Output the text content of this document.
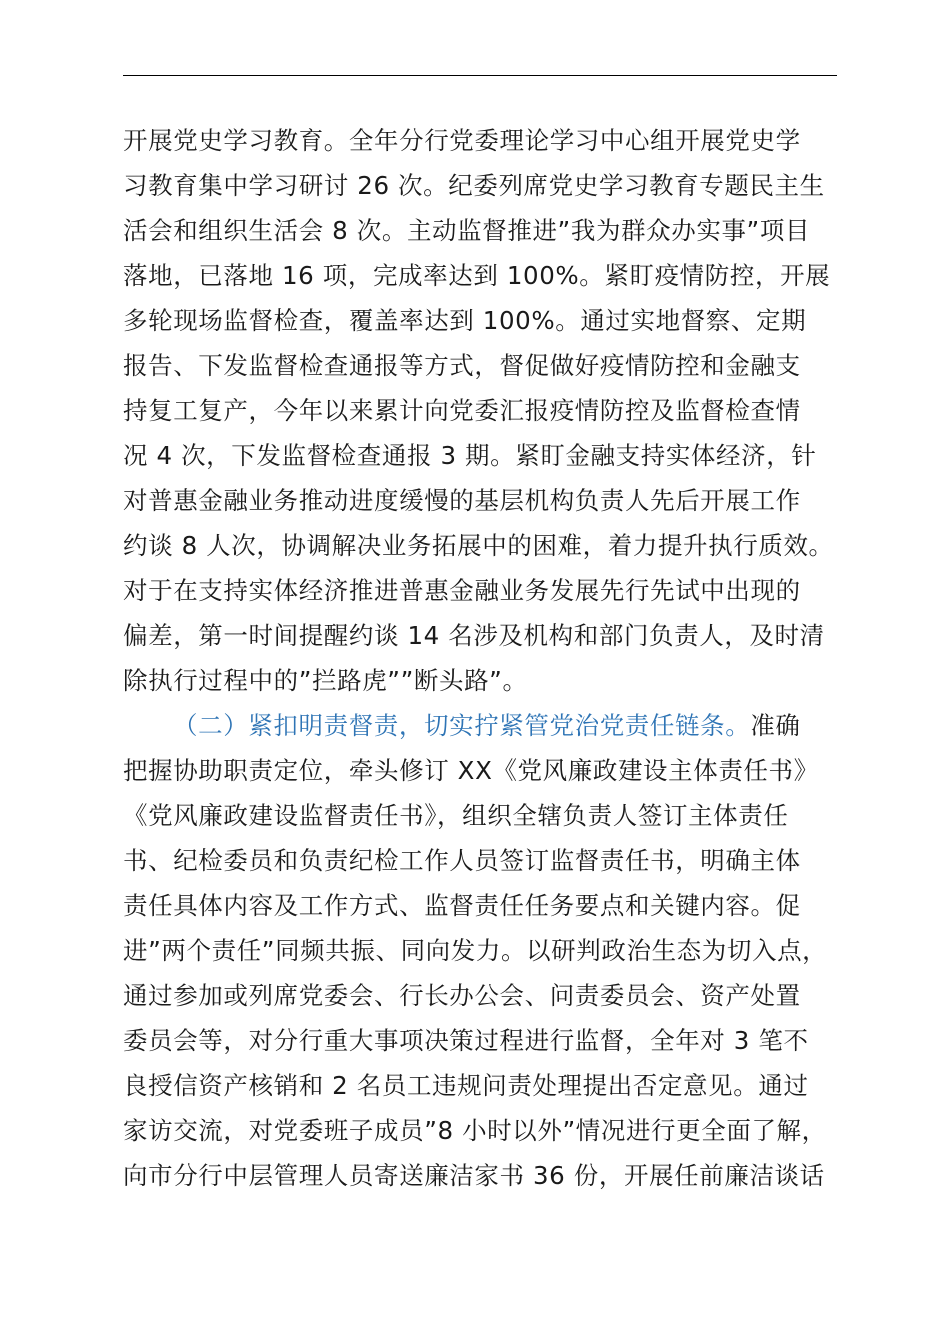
开展党史学习教育。全年分行党委理论学习中心组开展党史学
习教育集中学习研讨 26 次。纪委列席党史学习教育专题民主生
活会和组织生活会 8 次。主动监督推进”我为群众办实事”项目
落地，已落地 16 项，完成率达到 100%。紧盯疫情防控，开展
多轮现场监督检查，覆盖率达到 100%。通过实地督察、定期
报告、下发监督检查通报等方式，督促做好疫情防控和金融支
持复工复产，今年以来累计向党委汇报疫情防控及监督检查情
况 4 次，下发监督检查通报 3 期。紧盯金融支持实体经济，针
对普惠金融业务推动进度缓慢的基层机构负责人先后开展工作
约谈 8 人次，协调解决业务拓展中的困难，着力提升执行质效。
对于在支持实体经济推进普惠金融业务发展先行先试中出现的
偏差，第一时间提醒约谈 14 名涉及机构和部门负责人，及时清
除执行过程中的”拦路虎””断头路”。
（二）紧扣明责督责，切实拧紧管党治党责任链条。准确
把握协助职责定位，牵头修订 XX《党风廉政建设主体责任书》
《党风廉政建设监督责任书》，组织全辖负责人签订主体责任
书、纪检委员和负责纪检工作人员签订监督责任书，明确主体
责任具体内容及工作方式、监督责任任务要点和关键内容。促
进”两个责任”同频共振、同向发力。以研判政治生态为切入点，
通过参加或列席党委会、行长办公会、问责委员会、资产处置
委员会等，对分行重大事项决策过程进行监督，全年对 3 笔不
良授信资产核销和 2 名员工违规问责处理提出否定意见。通过
家访交流，对党委班子成员”8 小时以外”情况进行更全面了解，
向市分行中层管理人员寄送廉洁家书 36 份，开展任前廉洁谈话
